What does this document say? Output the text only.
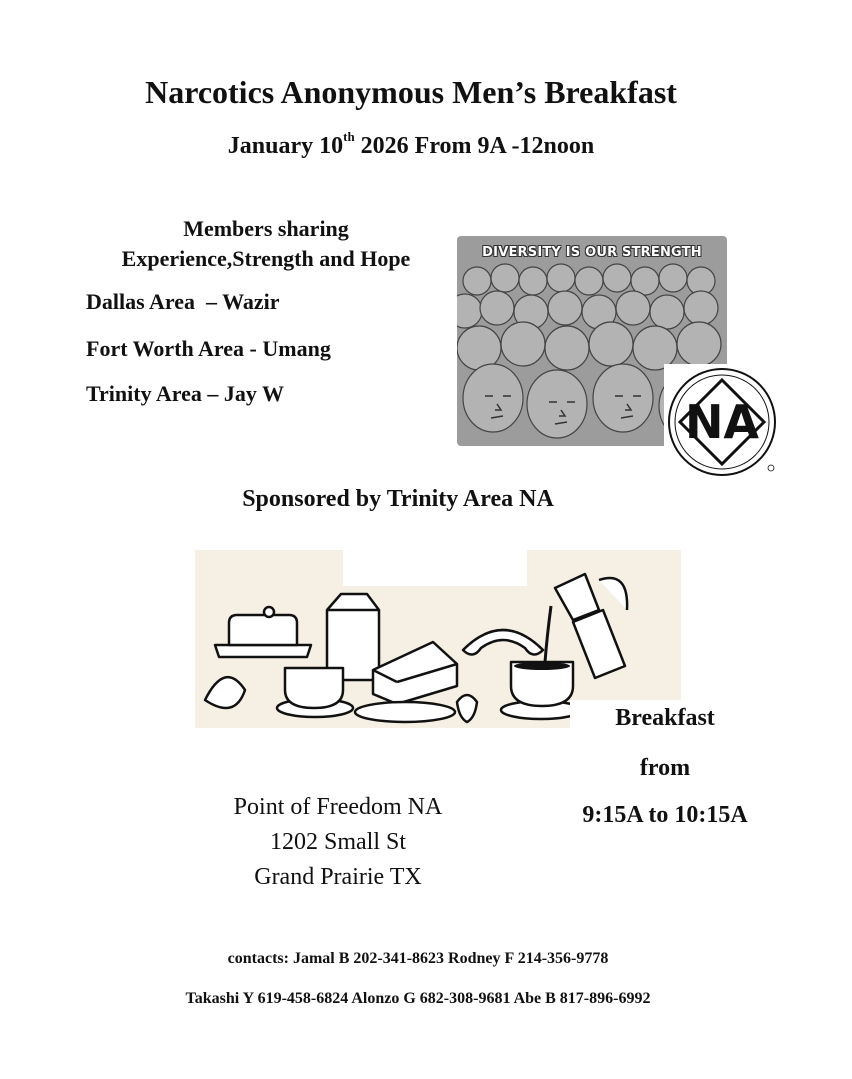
Narcotics Anonymous Men’s Breakfast
January 10th 2026 From 9A -12noon
Members sharing
Experience,Strength and Hope
Dallas Area  – Wazir
Fort Worth Area - Umang
Trinity Area – Jay W
DIVERSITY IS OUR STRENGTH
NA
Sponsored by Trinity Area NA
Breakfast
from
9:15A to 10:15A
Point of Freedom NA
1202 Small St
Grand Prairie TX
contacts: Jamal B 202-341-8623 Rodney F 214-356-9778
Takashi Y 619-458-6824 Alonzo G 682-308-9681 Abe B 817-896-6992
